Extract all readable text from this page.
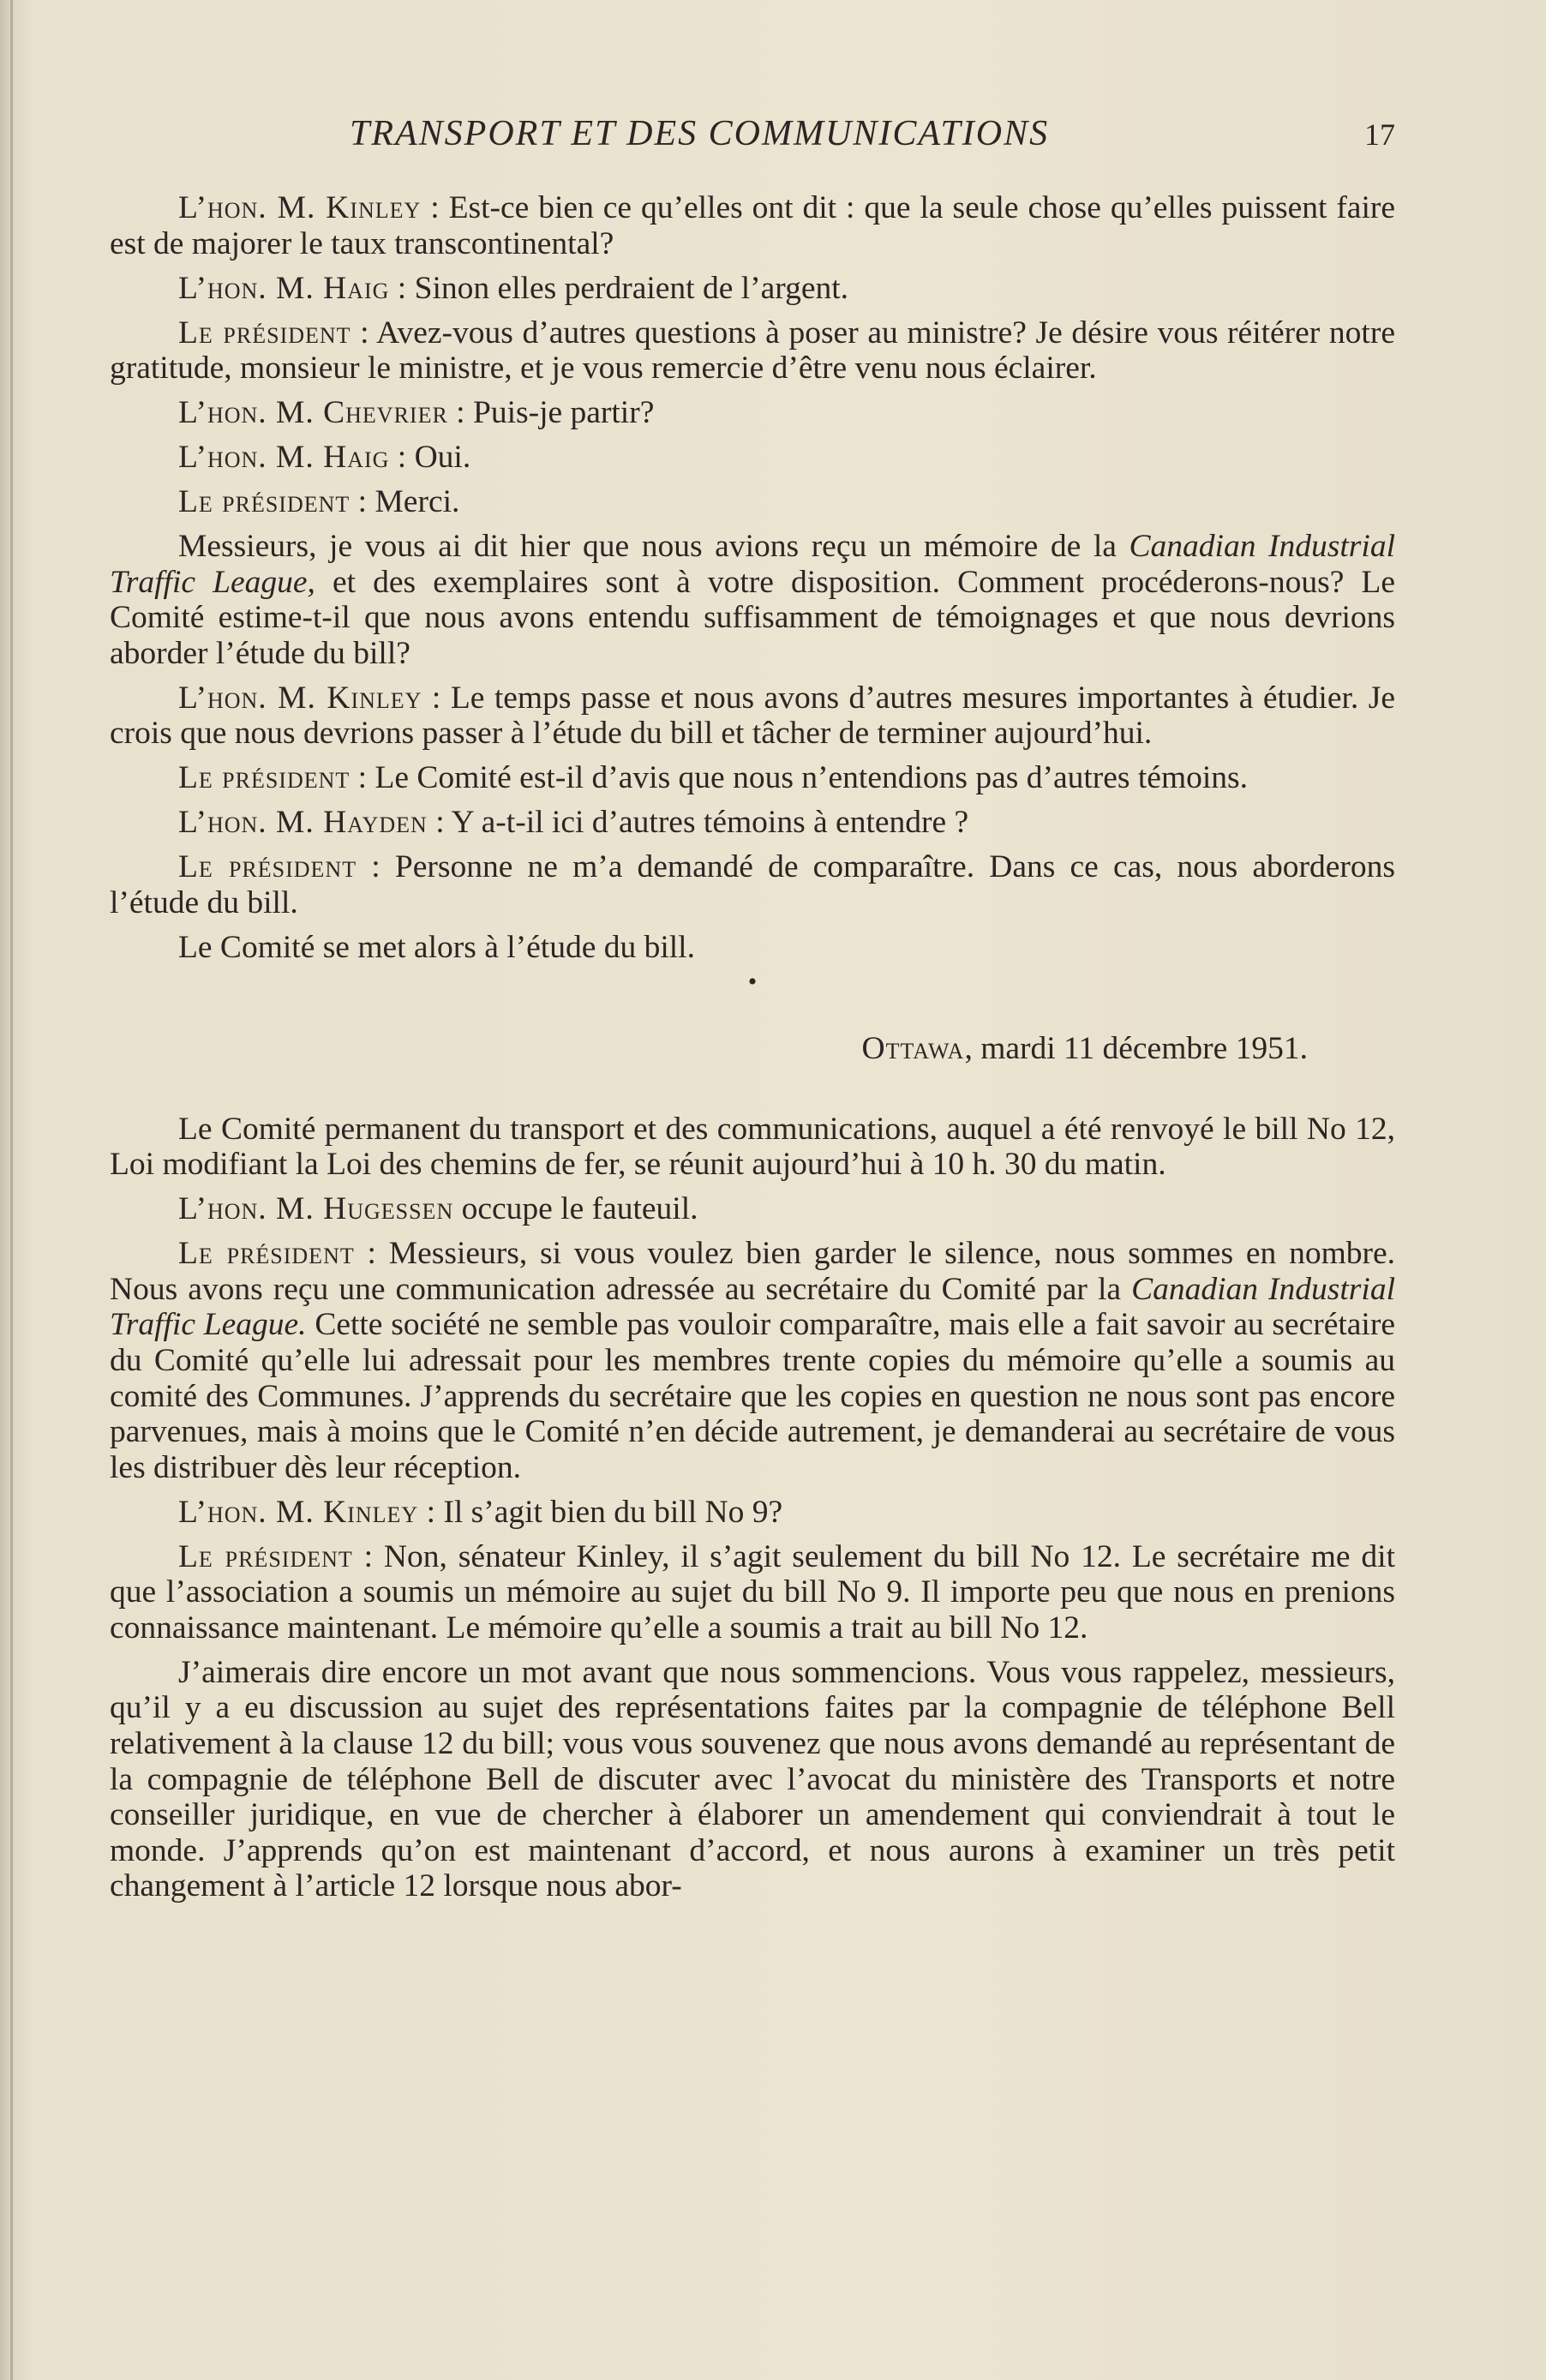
TRANSPORT ET DES COMMUNICATIONS	17

L’hon. M. Kinley : Est-ce bien ce qu’elles ont dit : que la seule chose qu’elles puissent faire est de majorer le taux transcontinental?

L’hon. M. Haig : Sinon elles perdraient de l’argent.

Le président : Avez-vous d’autres questions à poser au ministre? Je désire vous réitérer notre gratitude, monsieur le ministre, et je vous remercie d’être venu nous éclairer.

L’hon. M. Chevrier : Puis-je partir?

L’hon. M. Haig : Oui.

Le président : Merci.

Messieurs, je vous ai dit hier que nous avions reçu un mémoire de la Canadian Industrial Traffic League, et des exemplaires sont à votre disposition. Comment procéderons-nous? Le Comité estime-t-il que nous avons entendu suffisamment de témoignages et que nous devrions aborder l’étude du bill?

L’hon. M. Kinley : Le temps passe et nous avons d’autres mesures importantes à étudier. Je crois que nous devrions passer à l’étude du bill et tâcher de terminer aujourd’hui.

Le président : Le Comité est-il d’avis que nous n’entendions pas d’autres témoins.

L’hon. M. Hayden : Y a-t-il ici d’autres témoins à entendre ?

Le président : Personne ne m’a demandé de comparaître. Dans ce cas, nous aborderons l’étude du bill.

Le Comité se met alors à l’étude du bill.

•

Ottawa, mardi 11 décembre 1951.

Le Comité permanent du transport et des communications, auquel a été renvoyé le bill No 12, Loi modifiant la Loi des chemins de fer, se réunit aujourd’hui à 10 h. 30 du matin.

L’hon. M. Hugessen occupe le fauteuil.

Le président : Messieurs, si vous voulez bien garder le silence, nous sommes en nombre. Nous avons reçu une communication adressée au secrétaire du Comité par la Canadian Industrial Traffic League. Cette société ne semble pas vouloir comparaître, mais elle a fait savoir au secrétaire du Comité qu’elle lui adressait pour les membres trente copies du mémoire qu’elle a soumis au comité des Communes. J’apprends du secrétaire que les copies en question ne nous sont pas encore parvenues, mais à moins que le Comité n’en décide autrement, je demanderai au secrétaire de vous les distribuer dès leur réception.

L’hon. M. Kinley : Il s’agit bien du bill No 9?

Le président : Non, sénateur Kinley, il s’agit seulement du bill No 12. Le secrétaire me dit que l’association a soumis un mémoire au sujet du bill No 9. Il importe peu que nous en prenions connaissance maintenant. Le mémoire qu’elle a soumis a trait au bill No 12.

J’aimerais dire encore un mot avant que nous sommencions. Vous vous rappelez, messieurs, qu’il y a eu discussion au sujet des représentations faites par la compagnie de téléphone Bell relativement à la clause 12 du bill; vous vous souvenez que nous avons demandé au représentant de la compagnie de téléphone Bell de discuter avec l’avocat du ministère des Transports et notre conseiller juridique, en vue de chercher à élaborer un amendement qui conviendrait à tout le monde. J’apprends qu’on est maintenant d’accord, et nous aurons à examiner un très petit changement à l’article 12 lorsque nous abor-
